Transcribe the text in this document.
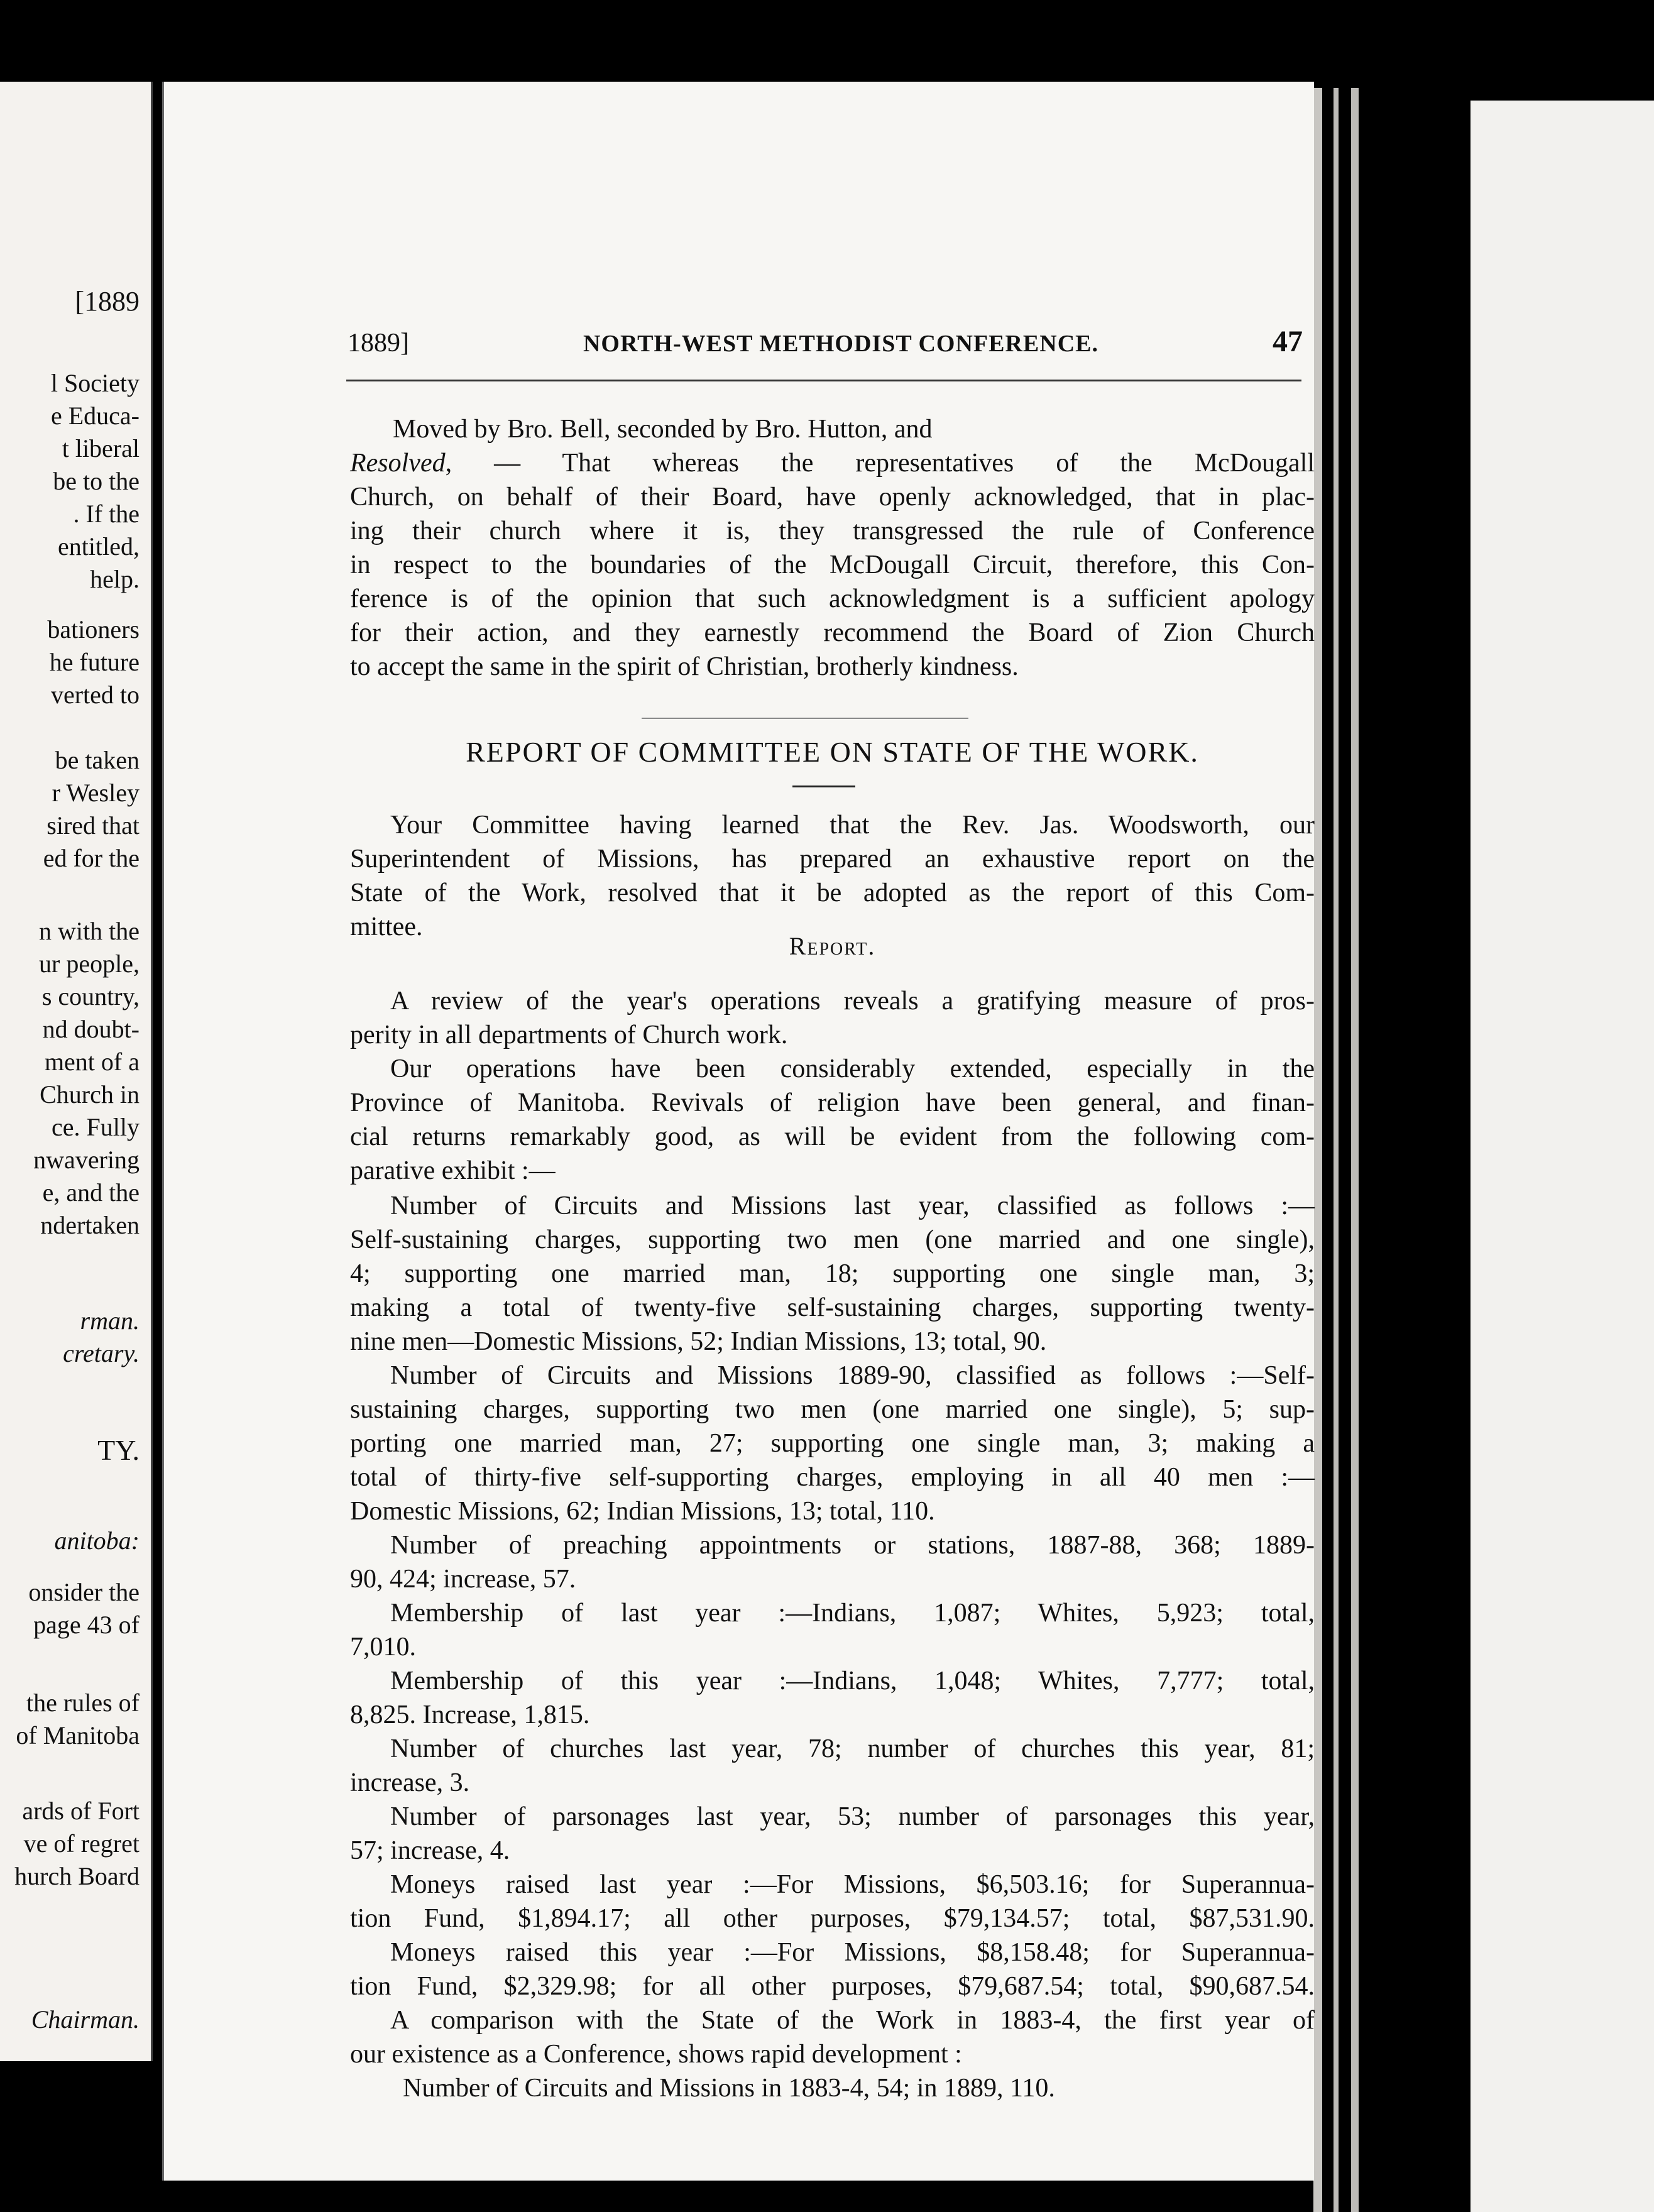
[1889
l Society
e Educa-
t liberal
be to the
. If the
entitled,
help.
bationers
he future
verted to
be taken
r Wesley
sired that
ed for the
n with the
ur people,
s country,
nd doubt-
ment of a
Church in
ce. Fully
nwavering
e, and the
ndertaken
rman.
cretary.
TY.
anitoba:
onsider the
page 43 of
the rules of
of Manitoba
ards of Fort
ve of regret
hurch Board
Chairman.
1889]	NORTH-WEST METHODIST CONFERENCE.	47
Moved by Bro. Bell, seconded by Bro. Hutton, and
Resolved, — That whereas the representatives of the McDougall
Church, on behalf of their Board, have openly acknowledged, that in plac-
ing their church where it is, they transgressed the rule of Conference
in respect to the boundaries of the McDougall Circuit, therefore, this Con-
ference is of the opinion that such acknowledgment is a sufficient apology
for their action, and they earnestly recommend the Board of Zion Church
to accept the same in the spirit of Christian, brotherly kindness.
REPORT OF COMMITTEE ON STATE OF THE WORK.
Your Committee having learned that the Rev. Jas. Woodsworth, our
Superintendent of Missions, has prepared an exhaustive report on the
State of the Work, resolved that it be adopted as the report of this Com-
mittee.
Report.
A review of the year's operations reveals a gratifying measure of pros-
perity in all departments of Church work.
Our operations have been considerably extended, especially in the
Province of Manitoba. Revivals of religion have been general, and finan-
cial returns remarkably good, as will be evident from the following com-
parative exhibit :—
Number of Circuits and Missions last year, classified as follows :—
Self-sustaining charges, supporting two men (one married and one single),
4; supporting one married man, 18; supporting one single man, 3;
making a total of twenty-five self-sustaining charges, supporting twenty-
nine men—Domestic Missions, 52; Indian Missions, 13; total, 90.
Number of Circuits and Missions 1889-90, classified as follows :—Self-
sustaining charges, supporting two men (one married one single), 5; sup-
porting one married man, 27; supporting one single man, 3; making a
total of thirty-five self-supporting charges, employing in all 40 men :—
Domestic Missions, 62; Indian Missions, 13; total, 110.
Number of preaching appointments or stations, 1887-88, 368; 1889-
90, 424; increase, 57.
Membership of last year :—Indians, 1,087; Whites, 5,923; total,
7,010.
Membership of this year :—Indians, 1,048; Whites, 7,777; total,
8,825. Increase, 1,815.
Number of churches last year, 78; number of churches this year, 81;
increase, 3.
Number of parsonages last year, 53; number of parsonages this year,
57; increase, 4.
Moneys raised last year :—For Missions, $6,503.16; for Superannua-
tion Fund, $1,894.17; all other purposes, $79,134.57; total, $87,531.90.
Moneys raised this year :—For Missions, $8,158.48; for Superannua-
tion Fund, $2,329.98; for all other purposes, $79,687.54; total, $90,687.54.
A comparison with the State of the Work in 1883-4, the first year of
our existence as a Conference, shows rapid development :
Number of Circuits and Missions in 1883-4, 54; in 1889, 110.
